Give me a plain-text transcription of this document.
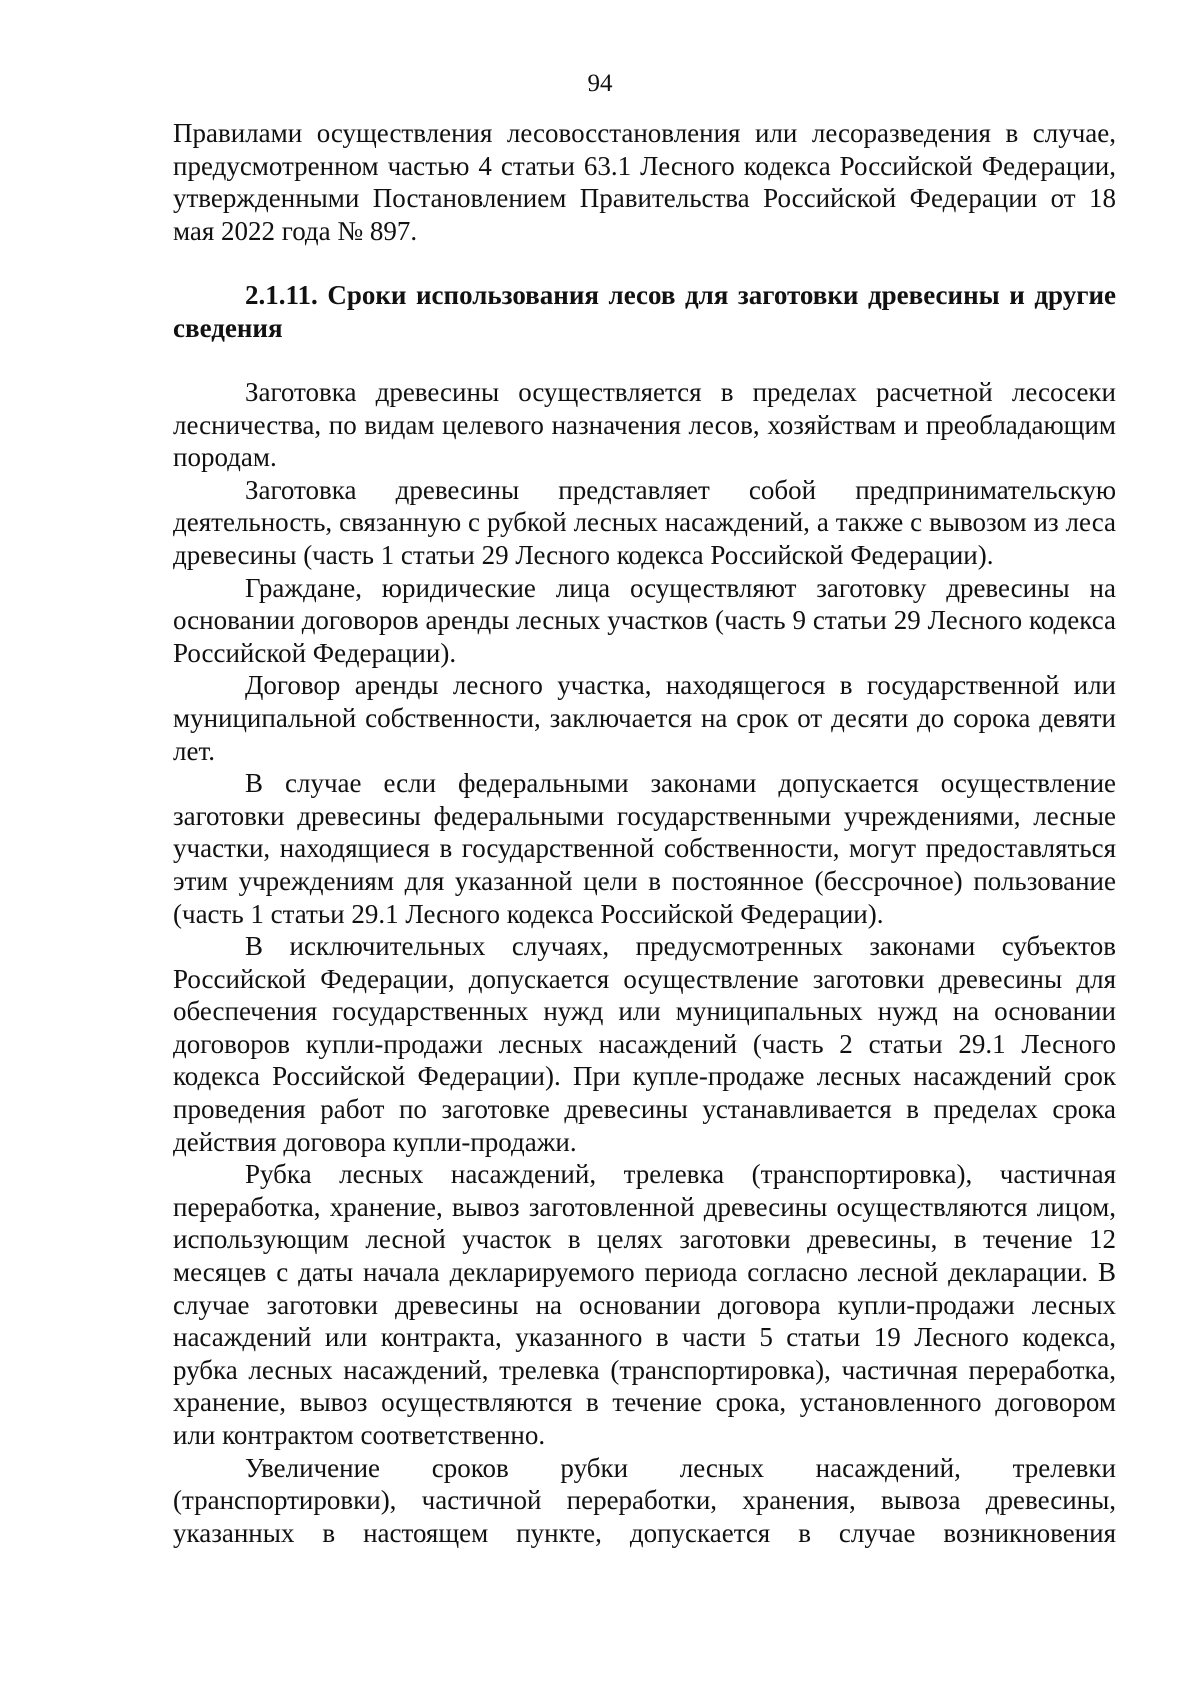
94

Правилами осуществления лесовосстановления или лесоразведения в случае, предусмотренном частью 4 статьи 63.1 Лесного кодекса Российской Федерации, утвержденными Постановлением Правительства Российской Федерации от 18 мая 2022 года № 897.

2.1.11. Сроки использования лесов для заготовки древесины и другие сведения

Заготовка древесины осуществляется в пределах расчетной лесосеки лесничества, по видам целевого назначения лесов, хозяйствам и преобладающим породам.

Заготовка древесины представляет собой предпринимательскую деятельность, связанную с рубкой лесных насаждений, а также с вывозом из леса древесины (часть 1 статьи 29 Лесного кодекса Российской Федерации).

Граждане, юридические лица осуществляют заготовку древесины на основании договоров аренды лесных участков (часть 9 статьи 29 Лесного кодекса Российской Федерации).

Договор аренды лесного участка, находящегося в государственной или муниципальной собственности, заключается на срок от десяти до сорока девяти лет.

В случае если федеральными законами допускается осуществление заготовки древесины федеральными государственными учреждениями, лесные участки, находящиеся в государственной собственности, могут предоставляться этим учреждениям для указанной цели в постоянное (бессрочное) пользование (часть 1 статьи 29.1 Лесного кодекса Российской Федерации).

В исключительных случаях, предусмотренных законами субъектов Российской Федерации, допускается осуществление заготовки древесины для обеспечения государственных нужд или муниципальных нужд на основании договоров купли-продажи лесных насаждений (часть 2 статьи 29.1 Лесного кодекса Российской Федерации). При купле-продаже лесных насаждений срок проведения работ по заготовке древесины устанавливается в пределах срока действия договора купли-продажи.

Рубка лесных насаждений, трелевка (транспортировка), частичная переработка, хранение, вывоз заготовленной древесины осуществляются лицом, использующим лесной участок в целях заготовки древесины, в течение 12 месяцев с даты начала декларируемого периода согласно лесной декларации. В случае заготовки древесины на основании договора купли-продажи лесных насаждений или контракта, указанного в части 5 статьи 19 Лесного кодекса, рубка лесных насаждений, трелевка (транспортировка), частичная переработка, хранение, вывоз осуществляются в течение срока, установленного договором или контрактом соответственно.

Увеличение сроков рубки лесных насаждений, трелевки (транспортировки), частичной переработки, хранения, вывоза древесины, указанных в настоящем пункте, допускается в случае возникновения
